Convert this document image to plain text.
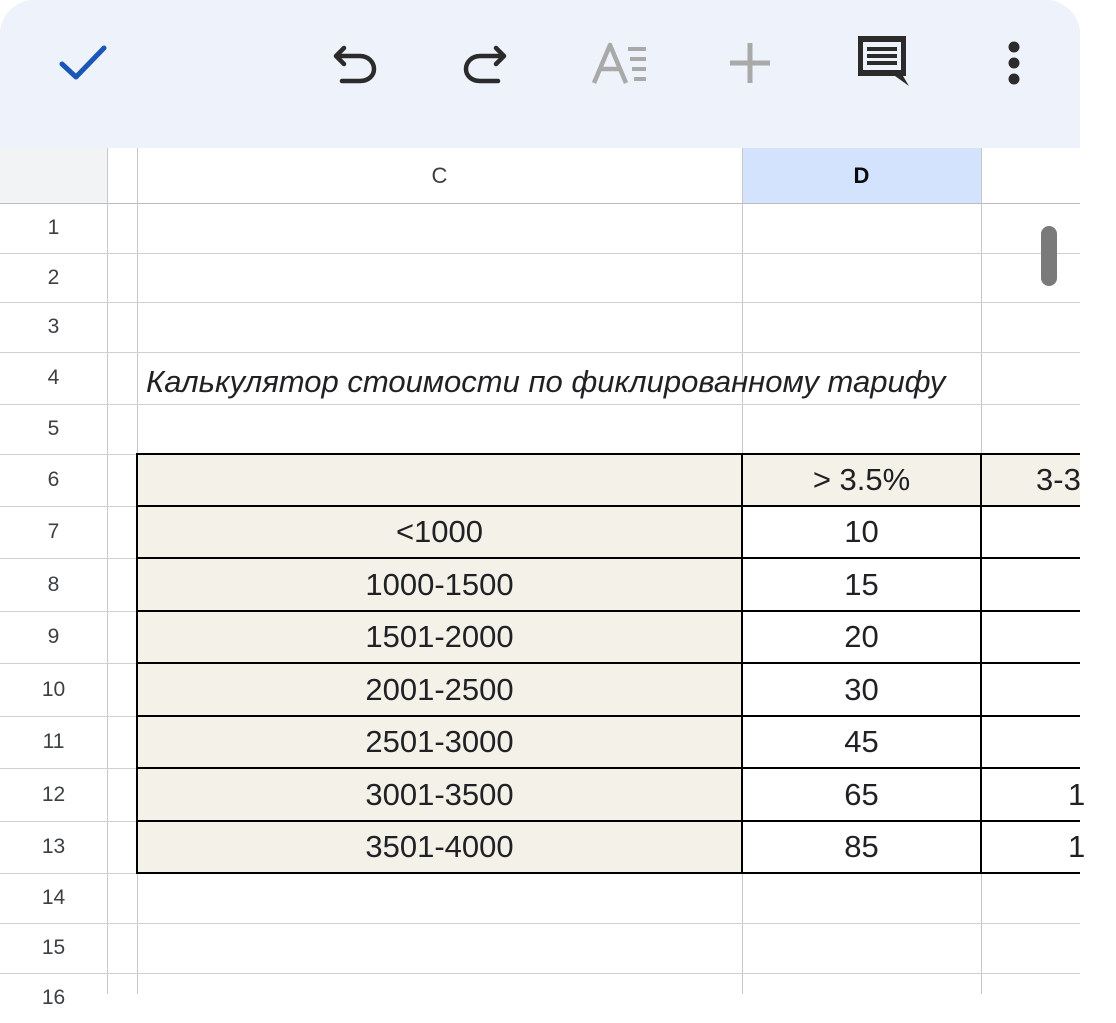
C	D
1
2
3
4
5
6
7
8
9
10
11
12
13
14
15
16
Калькулятор стоимости по фиклированному тарифу
> 3.5%	3-3
<1000
1000-1500
1501-2000
2001-2500
2501-3000
3001-3500
3501-4000
10
15
20
30
45
65
85
1
1
